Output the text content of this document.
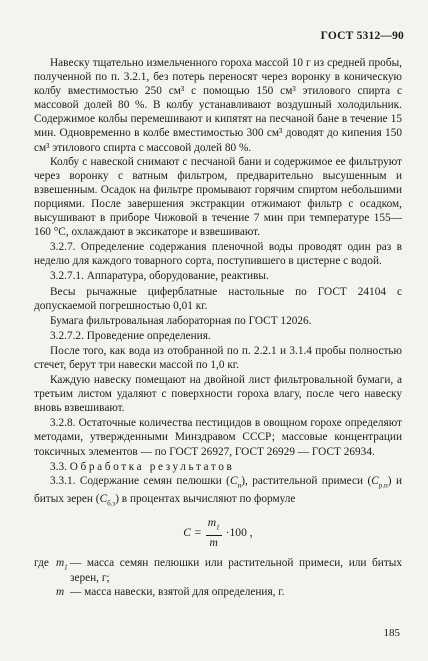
ГОСТ 5312—90

Навеску тщательно измельченного гороха массой 10 г из средней пробы, полученной по п. 3.2.1, без потерь переносят через воронку в коническую колбу вместимостью 250 см³ с помощью 150 см³ этилового спирта с массовой долей 80 %. В колбу устанавливают воздушный холодильник. Содержимое колбы перемешивают и кипятят на песчаной бане в течение 15 мин. Одновременно в колбе вместимостью 300 см³ доводят до кипения 150 см³ этилового спирта с массовой долей 80 %.

Колбу с навеской снимают с песчаной бани и содержимое ее фильтруют через воронку с ватным фильтром, предварительно высушенным и взвешенным. Осадок на фильтре промывают горячим спиртом небольшими порциями. После завершения экстракции отжимают фильтр с осадком, высушивают в приборе Чижовой в течение 7 мин при температуре 155—160 °С, охлаждают в эксикаторе и взвешивают.

3.2.7. Определение содержания пленочной воды проводят один раз в неделю для каждого товарного сорта, поступившего в цистерне с водой.

3.2.7.1. Аппаратура, оборудование, реактивы.

Весы рычажные циферблатные настольные по ГОСТ 24104 с допускаемой погрешностью 0,01 кг.

Бумага фильтровальная лабораторная по ГОСТ 12026.

3.2.7.2. Проведение определения.

После того, как вода из отобранной по п. 2.2.1 и 3.1.4 пробы полностью стечет, берут три навески массой по 1,0 кг.

Каждую навеску помещают на двойной лист фильтровальной бумаги, а третьим листом удаляют с поверхности гороха влагу, после чего навеску вновь взвешивают.

3.2.8. Остаточные количества пестицидов в овощном горохе определяют методами, утвержденными Минздравом СССР; массовые концентрации токсичных элементов — по ГОСТ 26927, ГОСТ 26929 — ГОСТ 26934.

3.3. Обработка результатов

3.3.1. Содержание семян пелюшки $(С_п)$, растительной примеси $(С_{р.п})$ и битых зерен $(С_{б.з})$ в процентах вычисляют по формуле

$C = \frac{m_1}{m} \cdot 100$ ,
где $m_1$ — масса семян пелюшки или растительной примеси, или битых зерен, г;
m — масса навески, взятой для определения, г.
185
